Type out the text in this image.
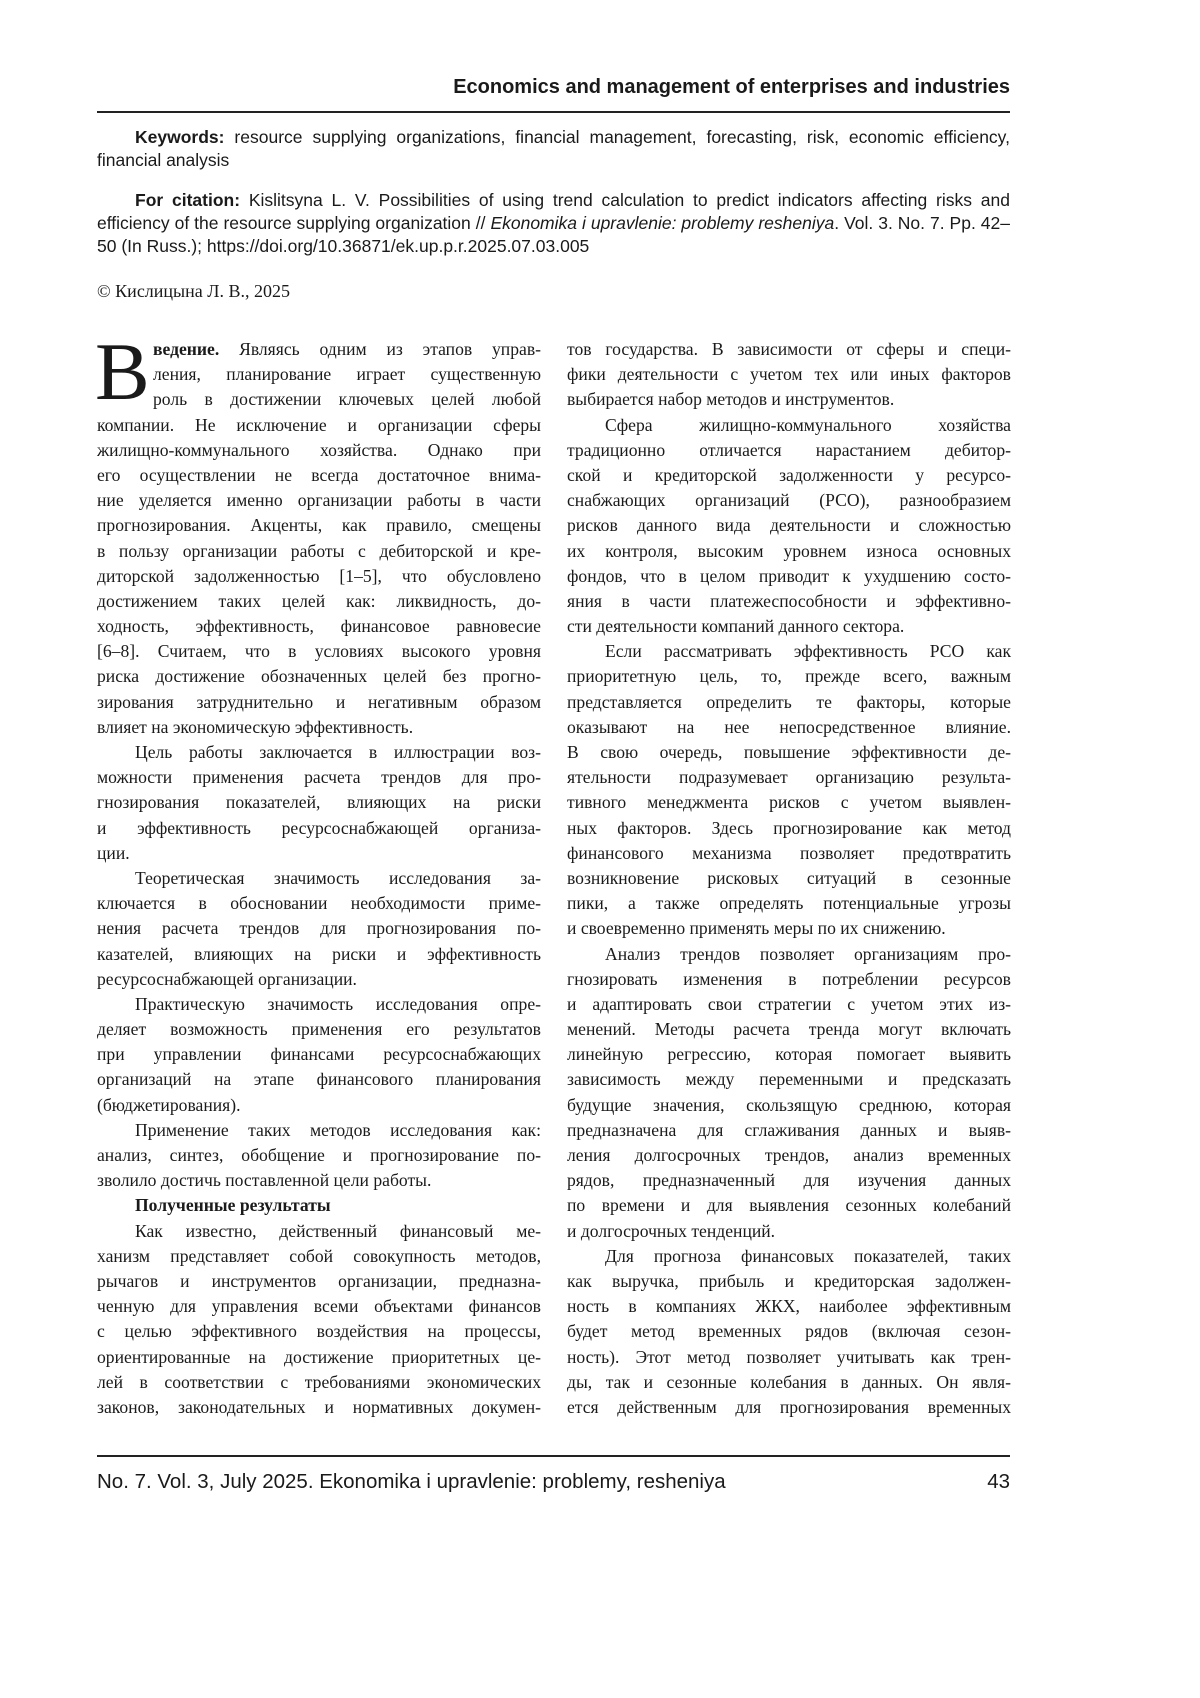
Economics and management of enterprises and industries
Keywords: resource supplying organizations, financial management, forecasting, risk, economic efficiency, financial analysis
For citation: Kislitsyna L. V. Possibilities of using trend calculation to predict indicators affecting risks and efficiency of the resource supplying organization // Ekonomika i upravlenie: problemy resheniya. Vol. 3. No. 7. Pp. 42–50 (In Russ.); https://doi.org/10.36871/ek.up.p.r.2025.07.03.005
© Кислицына Л. В., 2025
В ведение. Являясь одним из этапов управ-
ления, планирование играет существенную
роль в достижении ключевых целей любой
компании. Не исключение и организации сферы
жилищно-коммунального хозяйства. Однако при
его осуществлении не всегда достаточное внима-
ние уделяется именно организации работы в части
прогнозирования. Акценты, как правило, смещены
в пользу организации работы с дебиторской и кре-
диторской задолженностью [1–5], что обусловлено
достижением таких целей как: ликвидность, до-
ходность, эффективность, финансовое равновесие
[6–8]. Считаем, что в условиях высокого уровня
риска достижение обозначенных целей без прогно-
зирования затруднительно и негативным образом
влияет на экономическую эффективность.
Цель работы заключается в иллюстрации воз-
можности применения расчета трендов для про-
гнозирования показателей, влияющих на риски
и эффективность ресурсоснабжающей организа-
ции.
Теоретическая значимость исследования за-
ключается в обосновании необходимости приме-
нения расчета трендов для прогнозирования по-
казателей, влияющих на риски и эффективность
ресурсоснабжающей организации.
Практическую значимость исследования опре-
деляет возможность применения его результатов
при управлении финансами ресурсоснабжающих
организаций на этапе финансового планирования
(бюджетирования).
Применение таких методов исследования как:
анализ, синтез, обобщение и прогнозирование по-
зволило достичь поставленной цели работы.
Полученные результаты
Как известно, действенный финансовый ме-
ханизм представляет собой совокупность методов,
рычагов и инструментов организации, предназна-
ченную для управления всеми объектами финансов
с целью эффективного воздействия на процессы,
ориентированные на достижение приоритетных це-
лей в соответствии с требованиями экономических
законов, законодательных и нормативных докумен-
тов государства. В зависимости от сферы и специ-
фики деятельности с учетом тех или иных факторов
выбирается набор методов и инструментов.
Сфера жилищно-коммунального хозяйства
традиционно отличается нарастанием дебитор-
ской и кредиторской задолженности у ресурсо-
снабжающих организаций (РСО), разнообразием
рисков данного вида деятельности и сложностью
их контроля, высоким уровнем износа основных
фондов, что в целом приводит к ухудшению состо-
яния в части платежеспособности и эффективно-
сти деятельности компаний данного сектора.
Если рассматривать эффективность РСО как
приоритетную цель, то, прежде всего, важным
представляется определить те факторы, которые
оказывают на нее непосредственное влияние.
В свою очередь, повышение эффективности де-
ятельности подразумевает организацию результа-
тивного менеджмента рисков с учетом выявлен-
ных факторов. Здесь прогнозирование как метод
финансового механизма позволяет предотвратить
возникновение рисковых ситуаций в сезонные
пики, а также определять потенциальные угрозы
и своевременно применять меры по их снижению.
Анализ трендов позволяет организациям про-
гнозировать изменения в потреблении ресурсов
и адаптировать свои стратегии с учетом этих из-
менений. Методы расчета тренда могут включать
линейную регрессию, которая помогает выявить
зависимость между переменными и предсказать
будущие значения, скользящую среднюю, которая
предназначена для сглаживания данных и выяв-
ления долгосрочных трендов, анализ временных
рядов, предназначенный для изучения данных
по времени и для выявления сезонных колебаний
и долгосрочных тенденций.
Для прогноза финансовых показателей, таких
как выручка, прибыль и кредиторская задолжен-
ность в компаниях ЖКХ, наиболее эффективным
будет метод временных рядов (включая сезон-
ность). Этот метод позволяет учитывать как трен-
ды, так и сезонные колебания в данных. Он явля-
ется действенным для прогнозирования временных
No. 7. Vol. 3, July 2025. Ekonomika i upravlenie: problemy, resheniya	43
